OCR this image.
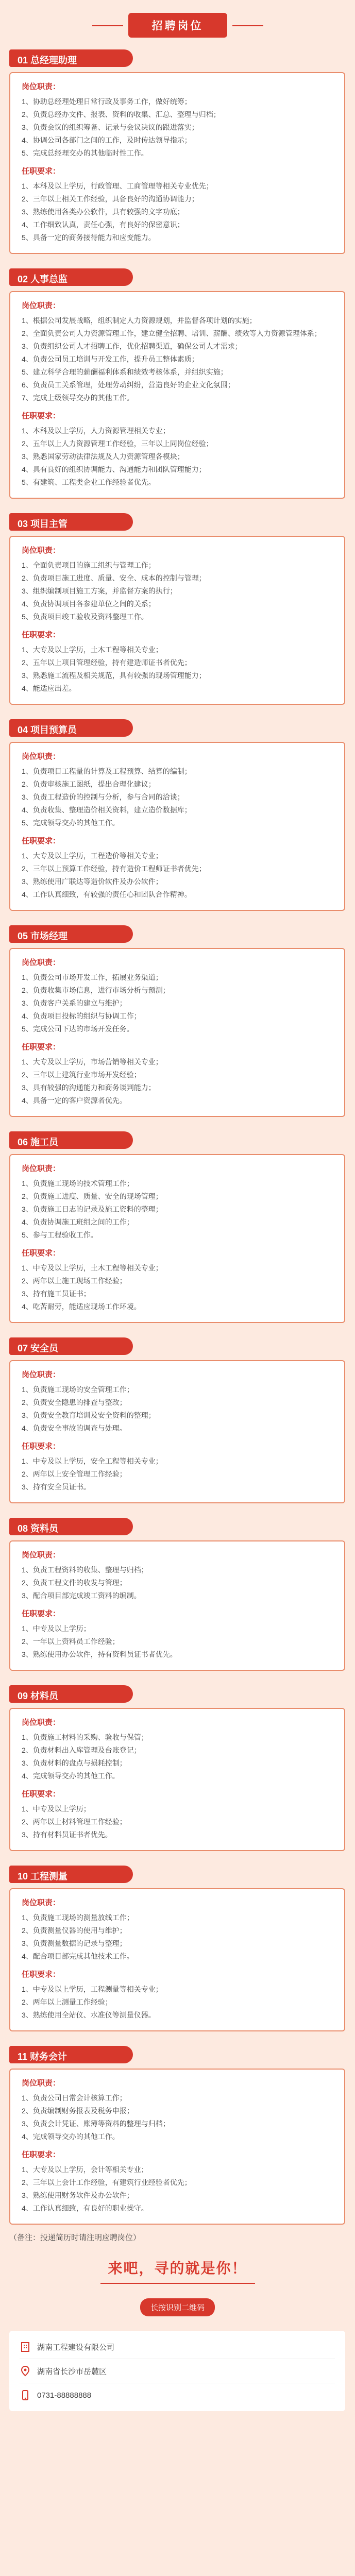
招聘岗位
01 总经理助理
岗位职责：
1、协助总经理处理日常行政及事务工作，做好统筹；
2、负责总经办文件、报表、资料的收集、汇总、整理与归档；
3、负责会议的组织筹备、记录与会议决议的跟进落实；
4、协调公司各部门之间的工作，及时传达领导指示；
5、完成总经理交办的其他临时性工作。
任职要求：
1、本科及以上学历，行政管理、工商管理等相关专业优先；
2、三年以上相关工作经验，具备良好的沟通协调能力；
3、熟练使用各类办公软件，具有较强的文字功底；
4、工作细致认真，责任心强，有良好的保密意识；
5、具备一定的商务接待能力和应变能力。
02 人事总监
岗位职责：
1、根据公司发展战略，组织制定人力资源规划，并监督各项计划的实施；
2、全面负责公司人力资源管理工作，建立健全招聘、培训、薪酬、绩效等人力资源管理体系；
3、负责组织公司人才招聘工作，优化招聘渠道，确保公司人才需求；
4、负责公司员工培训与开发工作，提升员工整体素质；
5、建立科学合理的薪酬福利体系和绩效考核体系，并组织实施；
6、负责员工关系管理，处理劳动纠纷，营造良好的企业文化氛围；
7、完成上级领导交办的其他工作。
任职要求：
1、本科及以上学历，人力资源管理相关专业；
2、五年以上人力资源管理工作经验，三年以上同岗位经验；
3、熟悉国家劳动法律法规及人力资源管理各模块；
4、具有良好的组织协调能力、沟通能力和团队管理能力；
5、有建筑、工程类企业工作经验者优先。
03 项目主管
岗位职责：
1、全面负责项目的施工组织与管理工作；
2、负责项目施工进度、质量、安全、成本的控制与管理；
3、组织编制项目施工方案，并监督方案的执行；
4、负责协调项目各参建单位之间的关系；
5、负责项目竣工验收及资料整理工作。
任职要求：
1、大专及以上学历，土木工程等相关专业；
2、五年以上项目管理经验，持有建造师证书者优先；
3、熟悉施工流程及相关规范，具有较强的现场管理能力；
4、能适应出差。
04 项目预算员
岗位职责：
1、负责项目工程量的计算及工程预算、结算的编制；
2、负责审核施工图纸，提出合理化建议；
3、负责工程造价的控制与分析，参与合同的洽谈；
4、负责收集、整理造价相关资料，建立造价数据库；
5、完成领导交办的其他工作。
任职要求：
1、大专及以上学历，工程造价等相关专业；
2、三年以上预算工作经验，持有造价工程师证书者优先；
3、熟练使用广联达等造价软件及办公软件；
4、工作认真细致，有较强的责任心和团队合作精神。
05 市场经理
岗位职责：
1、负责公司市场开发工作，拓展业务渠道；
2、负责收集市场信息，进行市场分析与预测；
3、负责客户关系的建立与维护；
4、负责项目投标的组织与协调工作；
5、完成公司下达的市场开发任务。
任职要求：
1、大专及以上学历，市场营销等相关专业；
2、三年以上建筑行业市场开发经验；
3、具有较强的沟通能力和商务谈判能力；
4、具备一定的客户资源者优先。
06 施工员
岗位职责：
1、负责施工现场的技术管理工作；
2、负责施工进度、质量、安全的现场管理；
3、负责施工日志的记录及施工资料的整理；
4、负责协调施工班组之间的工作；
5、参与工程验收工作。
任职要求：
1、中专及以上学历，土木工程等相关专业；
2、两年以上施工现场工作经验；
3、持有施工员证书；
4、吃苦耐劳，能适应现场工作环境。
07 安全员
岗位职责：
1、负责施工现场的安全管理工作；
2、负责安全隐患的排查与整改；
3、负责安全教育培训及安全资料的整理；
4、负责安全事故的调查与处理。
任职要求：
1、中专及以上学历，安全工程等相关专业；
2、两年以上安全管理工作经验；
3、持有安全员证书。
08 资料员
岗位职责：
1、负责工程资料的收集、整理与归档；
2、负责工程文件的收发与管理；
3、配合项目部完成竣工资料的编制。
任职要求：
1、中专及以上学历；
2、一年以上资料员工作经验；
3、熟练使用办公软件，持有资料员证书者优先。
09 材料员
岗位职责：
1、负责施工材料的采购、验收与保管；
2、负责材料出入库管理及台账登记；
3、负责材料的盘点与损耗控制；
4、完成领导交办的其他工作。
任职要求：
1、中专及以上学历；
2、两年以上材料管理工作经验；
3、持有材料员证书者优先。
10 工程测量
岗位职责：
1、负责施工现场的测量放线工作；
2、负责测量仪器的使用与维护；
3、负责测量数据的记录与整理；
4、配合项目部完成其他技术工作。
任职要求：
1、中专及以上学历，工程测量等相关专业；
2、两年以上测量工作经验；
3、熟练使用全站仪、水准仪等测量仪器。
11 财务会计
岗位职责：
1、负责公司日常会计核算工作；
2、负责编制财务报表及税务申报；
3、负责会计凭证、账簿等资料的整理与归档；
4、完成领导交办的其他工作。
任职要求：
1、大专及以上学历，会计等相关专业；
2、三年以上会计工作经验，有建筑行业经验者优先；
3、熟练使用财务软件及办公软件；
4、工作认真细致，有良好的职业操守。
（备注：投递简历时请注明应聘岗位）
来吧，寻的就是你！
长按识别二维码
湖南工程建设有限公司
湖南省长沙市岳麓区
0731-88888888
